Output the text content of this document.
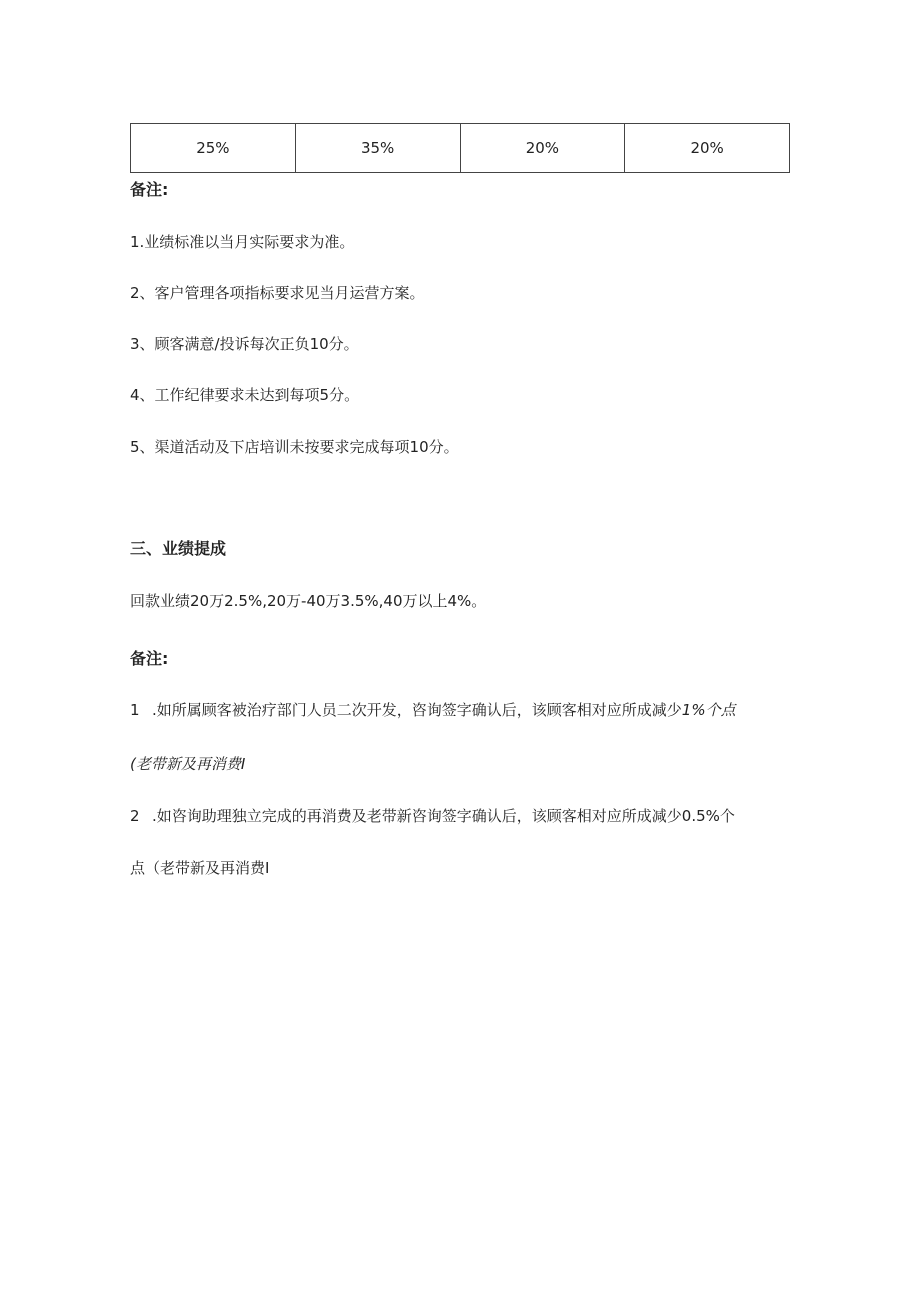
25%	35%	20%	20%
备注:
1.业绩标准以当月实际要求为准。
2、客户管理各项指标要求见当月运营方案。
3、顾客满意/投诉每次正负10分。
4、工作纪律要求未达到每项5分。
5、渠道活动及下店培训未按要求完成每项10分。
三、业绩提成
回款业绩20万2.5%,20万-40万3.5%,40万以上4%。
备注:
1 .如所属顾客被治疗部门人员二次开发，咨询签字确认后，该顾客相对应所成减少1%个点
(老带新及再消费I
2 .如咨询助理独立完成的再消费及老带新咨询签字确认后，该顾客相对应所成减少0.5%个
点（老带新及再消费I
